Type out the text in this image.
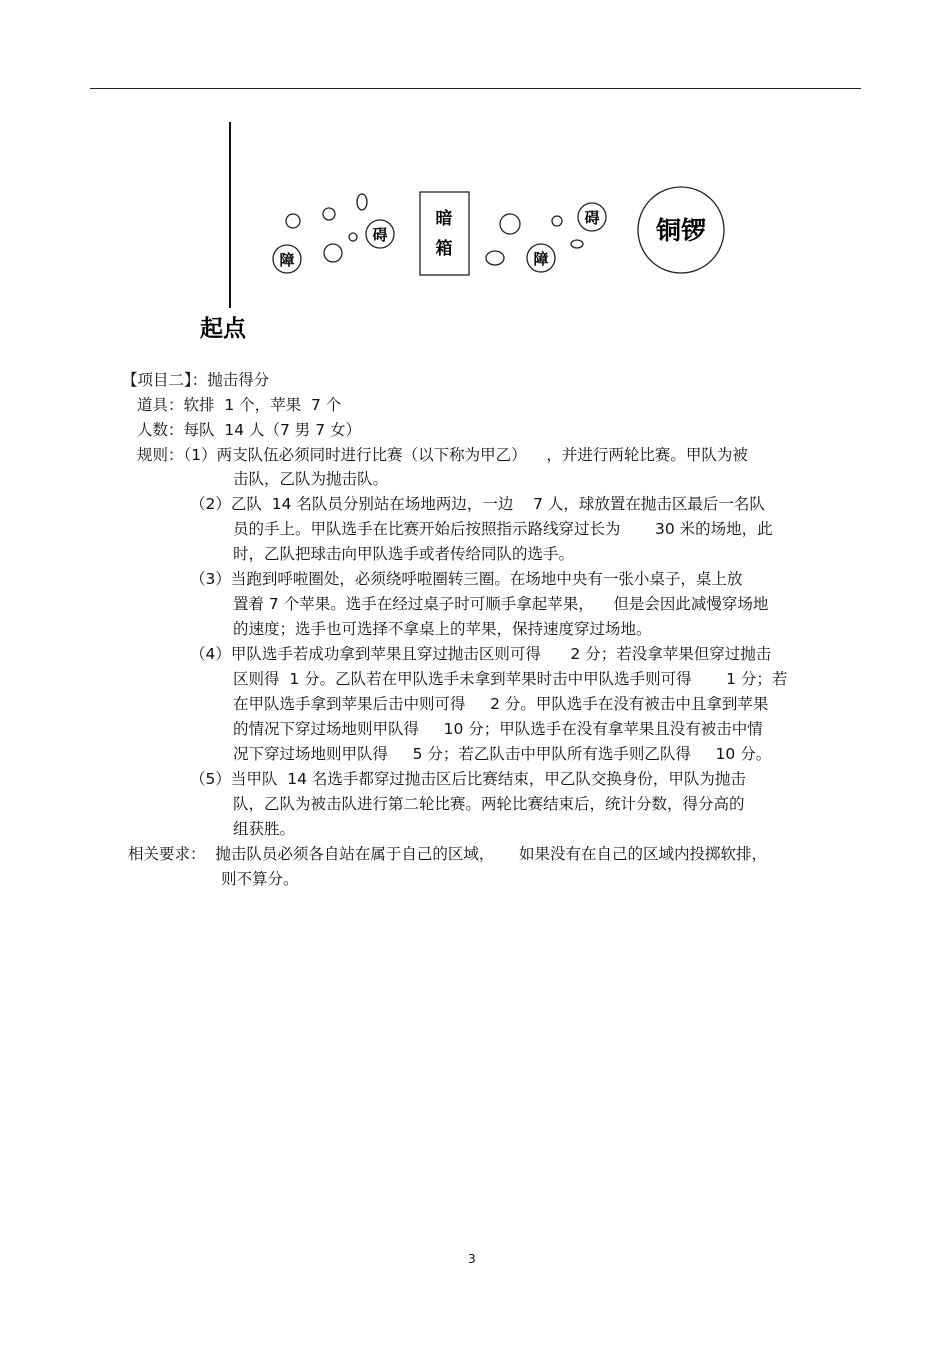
障
碍
障
碍
暗
箱
铜锣
起点
【项目二】：抛击得分
道具：软排  1 个，苹果  7 个
人数：每队  14 人（7 男 7 女）
规则：（1）两支队伍必须同时进行比赛（以下称为甲乙）    ，并进行两轮比赛。甲队为被
击队，乙队为抛击队。
（2）乙队  14 名队员分别站在场地两边，一边    7 人，球放置在抛击区最后一名队
员的手上。甲队选手在比赛开始后按照指示路线穿过长为       30 米的场地，此
时，乙队把球击向甲队选手或者传给同队的选手。
（3）当跑到呼啦圈处，必须绕呼啦圈转三圈。在场地中央有一张小桌子，桌上放
置着 7 个苹果。选手在经过桌子时可顺手拿起苹果，    但是会因此减慢穿场地
的速度；选手也可选择不拿桌上的苹果，保持速度穿过场地。
（4）甲队选手若成功拿到苹果且穿过抛击区则可得      2 分；若没拿苹果但穿过抛击
区则得  1 分。乙队若在甲队选手未拿到苹果时击中甲队选手则可得       1 分；若
在甲队选手拿到苹果后击中则可得     2 分。甲队选手在没有被击中且拿到苹果
的情况下穿过场地则甲队得     10 分；甲队选手在没有拿苹果且没有被击中情
况下穿过场地则甲队得     5 分；若乙队击中甲队所有选手则乙队得     10 分。
（5）当甲队  14 名选手都穿过抛击区后比赛结束，甲乙队交换身份，甲队为抛击
队，乙队为被击队进行第二轮比赛。两轮比赛结束后，统计分数，得分高的
组获胜。
相关要求：  抛击队员必须各自站在属于自己的区域，     如果没有在自己的区域内投掷软排，
则不算分。
3
